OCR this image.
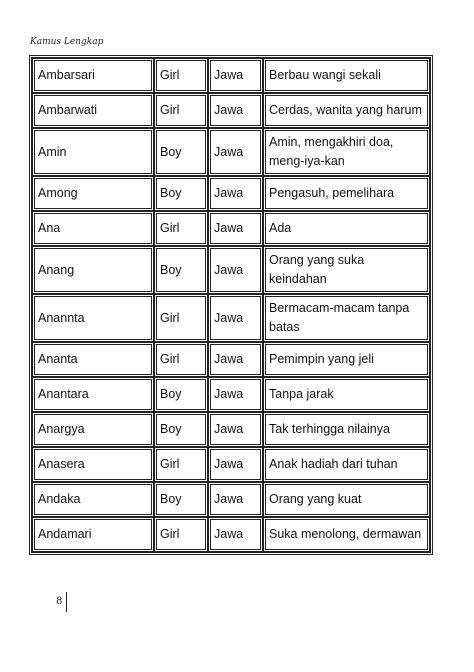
Kamus Lengkap
Ambarsari	Girl	Jawa	Berbau wangi sekali
Ambarwati	Girl	Jawa	Cerdas, wanita yang harum
Amin	Boy	Jawa	Amin, mengakhiri doa, meng-iya-kan
Among	Boy	Jawa	Pengasuh, pemelihara
Ana	Girl	Jawa	Ada
Anang	Boy	Jawa	Orang yang suka keindahan
Anannta	Girl	Jawa	Bermacam-macam tanpa batas
Ananta	Girl	Jawa	Pemimpin yang jeli
Anantara	Boy	Jawa	Tanpa jarak
Anargya	Boy	Jawa	Tak terhingga nilainya
Anasera	Girl	Jawa	Anak hadiah dari tuhan
Andaka	Boy	Jawa	Orang yang kuat
Andamari	Girl	Jawa	Suka menolong, dermawan
8
